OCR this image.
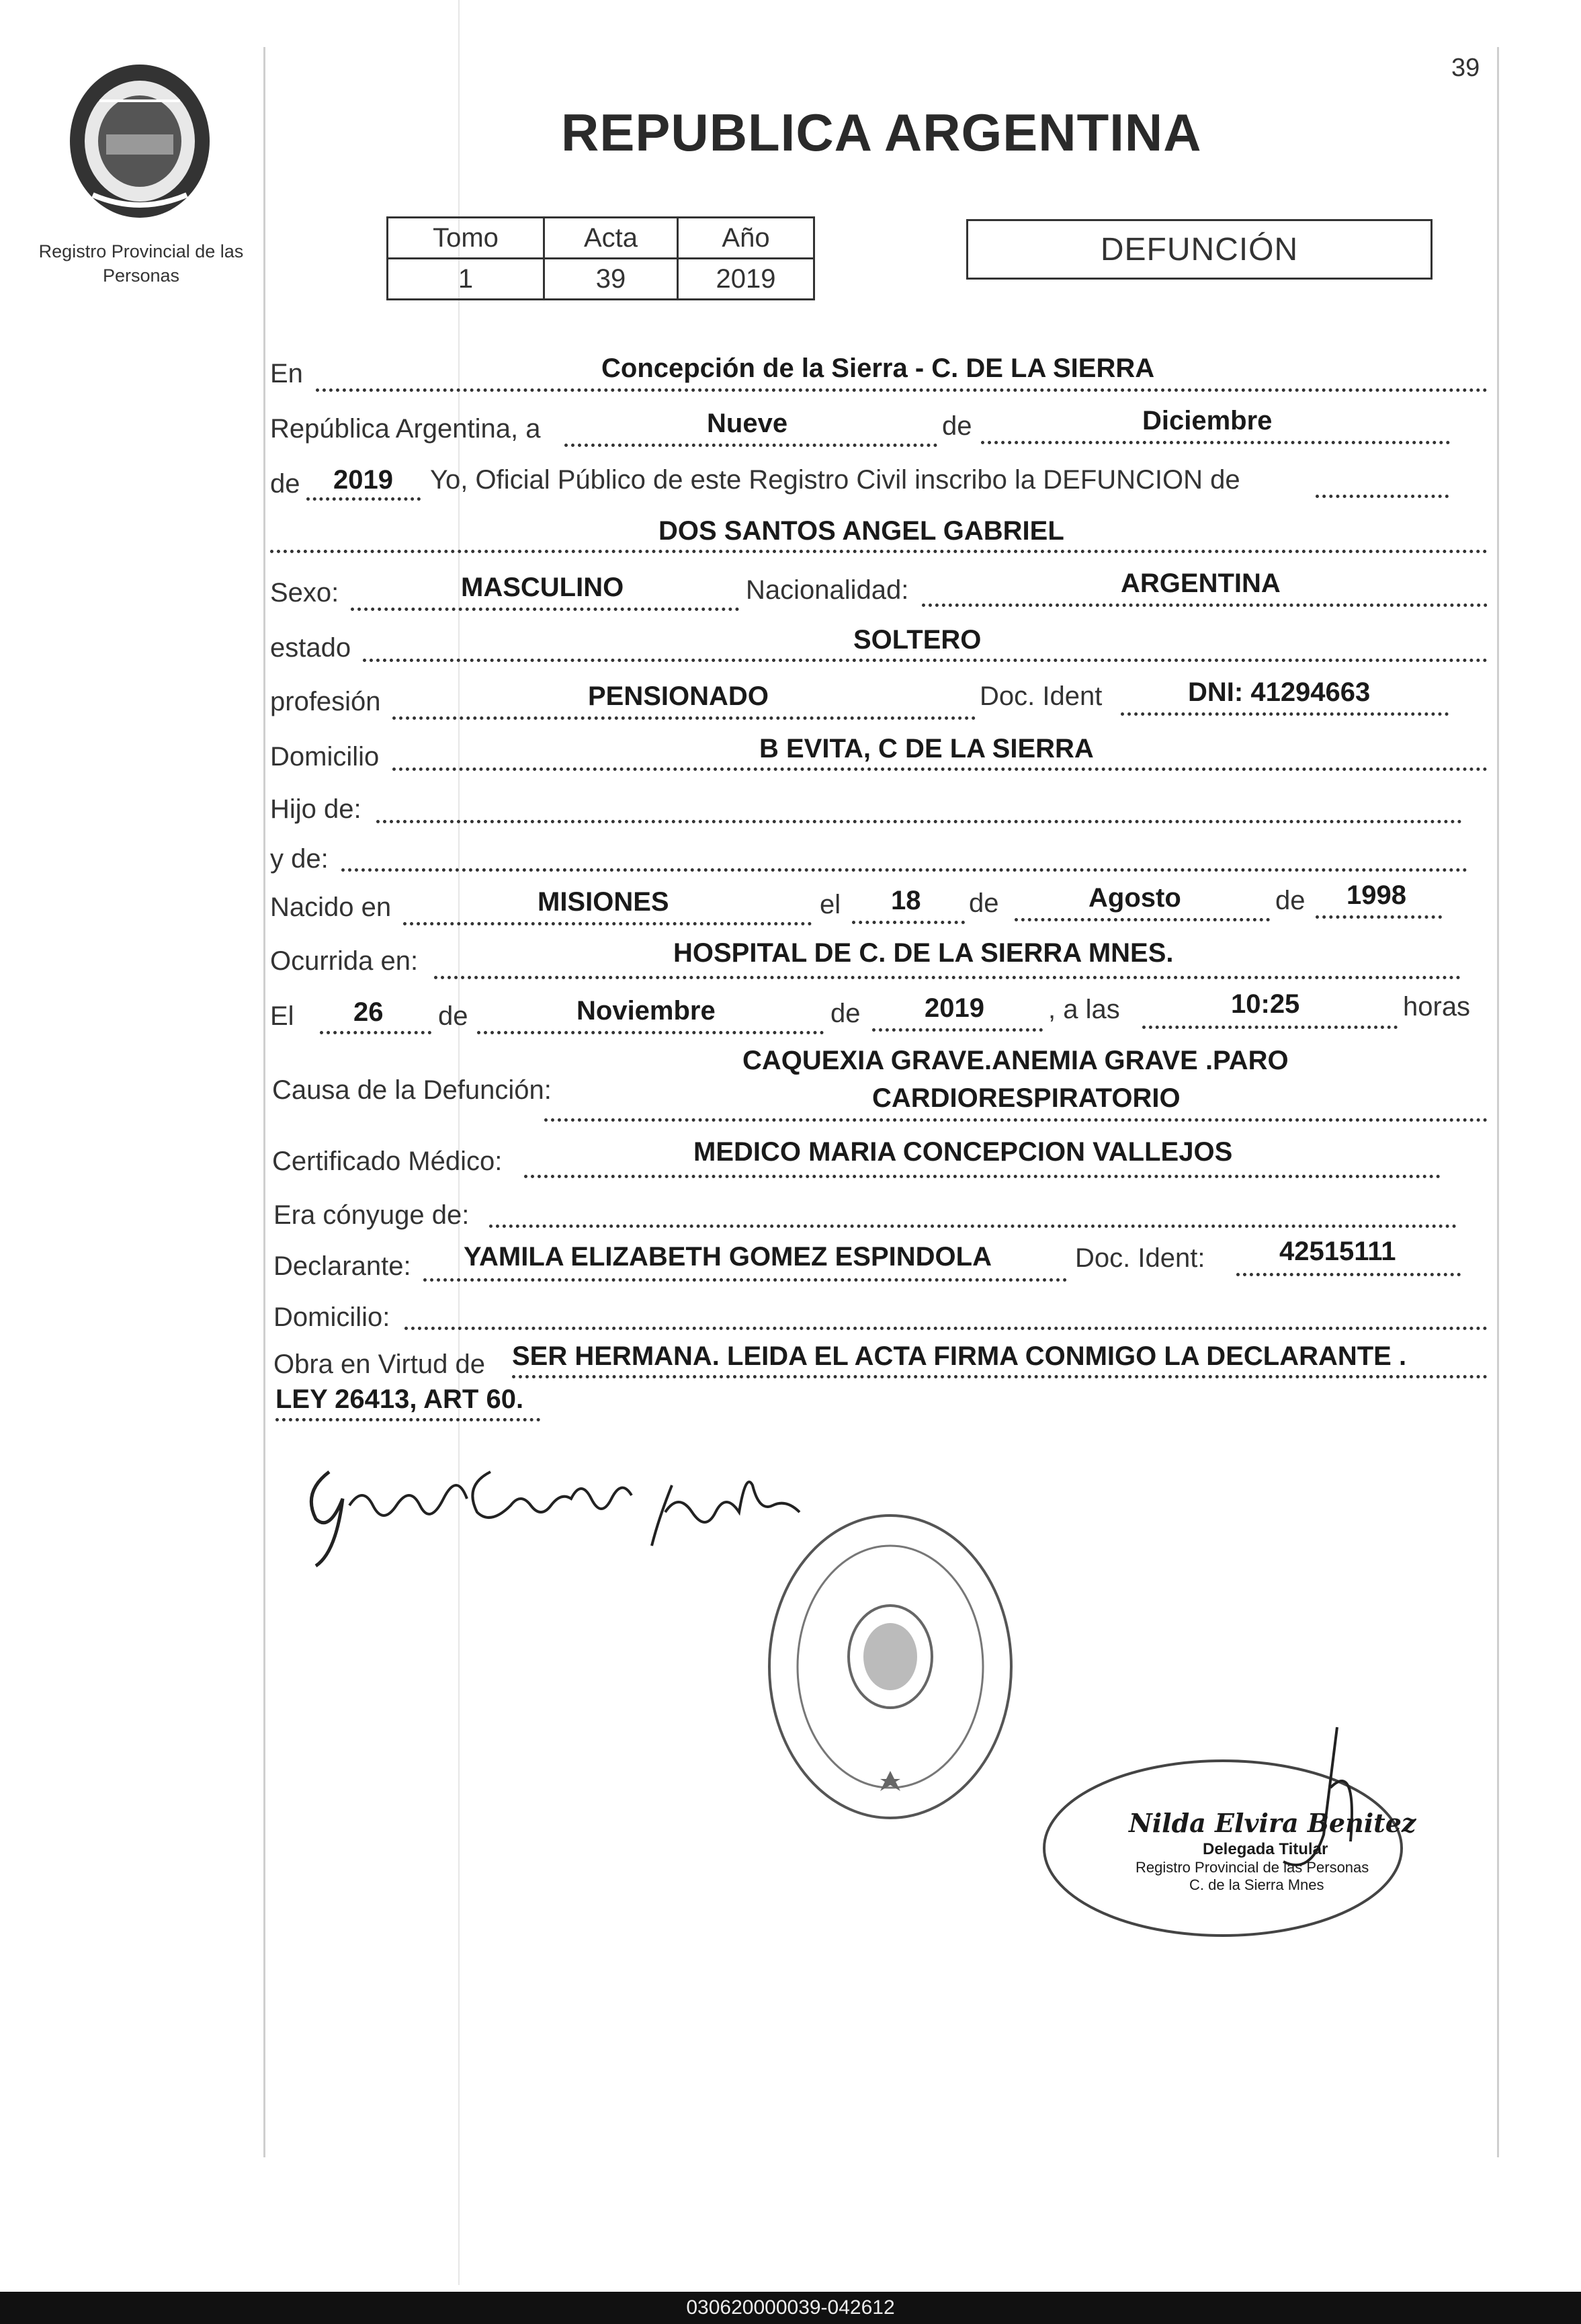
Registro Provincial de las Personas
39
REPUBLICA ARGENTINA
Tomo	Acta	Año
1	39	2019
DEFUNCIÓN
En	Concepción de la Sierra - C. DE LA SIERRA
República Argentina, a	Nueve	de	Diciembre
de 2019 Yo, Oficial Público de este Registro Civil inscribo la DEFUNCION de
DOS SANTOS ANGEL GABRIEL
Sexo:	MASCULINO	Nacionalidad:	ARGENTINA
estado	SOLTERO
profesión	PENSIONADO	Doc. Ident	DNI: 41294663
Domicilio	B EVITA, C DE LA SIERRA
Hijo de:
y de:
Nacido en	MISIONES	el 18 de	Agosto	de 1998
Ocurrida en:	HOSPITAL DE C. DE LA SIERRA MNES.
El 26 de	Noviembre	de 2019 , a las	10:25	horas
CAQUEXIA GRAVE.ANEMIA GRAVE .PARO
Causa de la Defunción:	CARDIORESPIRATORIO
Certificado Médico:	MEDICO MARIA CONCEPCION VALLEJOS
Era cónyuge de:
Declarante: YAMILA ELIZABETH GOMEZ ESPINDOLA	Doc. Ident:	42515111
Domicilio:
Obra en Virtud de SER HERMANA. LEIDA EL ACTA FIRMA CONMIGO LA DECLARANTE .
LEY 26413, ART 60.
Nilda Elvira Benitez
Delegada Titular
Registro Provincial de las Personas
C. de la Sierra Mnes
030620000039-042612
